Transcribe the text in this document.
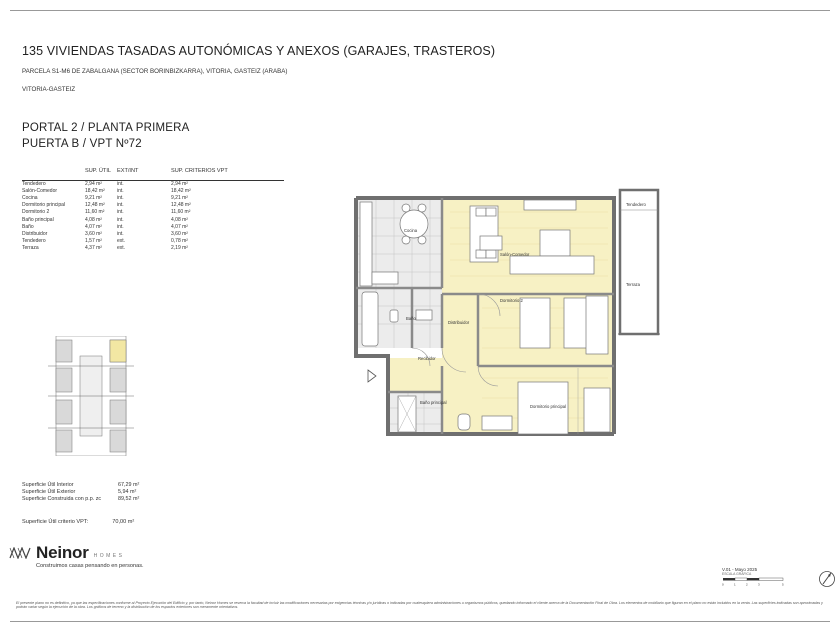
135 VIVIENDAS TASADAS AUTONÓMICAS Y ANEXOS (GARAJES, TRASTEROS)
PARCELA S1-M6 DE ZABALGANA (SECTOR BORINBIZKARRA), VITORIA, GASTEIZ (ARABA)
VITORIA-GASTEIZ
PORTAL 2 / PLANTA PRIMERA
PUERTA B / VPT Nº72
	SUP. ÚTIL	EXT/INT	SUP. CRITERIOS VPT
Tendedero	2,94 m²	int.	2,94 m²
Salón-Comedor	18,42 m²	int.	18,42 m²
Cocina	9,21 m²	int.	9,21 m²
Dormitorio principal	12,48 m²	int.	12,48 m²
Dormitorio 2	11,60 m²	int.	11,60 m²
Baño principal	4,08 m²	int.	4,08 m²
Baño	4,07 m²	int.	4,07 m²
Distribuidor	3,60 m²	int.	3,60 m²
Tendedero	1,57 m²	ext.	0,78 m²
Terraza	4,37 m²	ext.	2,19 m²
Cocina
Salón-Comedor
Tendedero
Terraza
Dormitorio 2
Distribuidor
Baño
Recibidor
Baño principal
Dormitorio principal
Superficie Útil Interior	67,29 m²
Superficie Útil Exterior	5,94 m²
Superficie Construida con p.p. zc	89,52 m²
Superficie Útil criterio VPT:	70,00 m²
Neinor HOMES
Construimos casas pensando en personas.
V.01 - Mayo 2025
ESCALA GRÁFICA
0	1	2	3	5
El presente plano no es definitivo, ya que las especificaciones conforme al Proyecto Ejecución del Edificio y, por tanto, Neinor Homes se reserva la facultad de incluir las modificaciones necesarias por exigencias técnicas y/o jurídicas o indicadas por cualesquiera administraciones u organismos públicos, quedando informado el cliente acerca de la Documentación Final de Obra. Los elementos de mobiliario que figuran en el plano no están incluidos en la venta. Las superficies indicadas son aproximadas y podrán variar según la ejecución de la obra. Los gráficos de terreno y la distribución de los espacios exteriores son meramente orientativos.
